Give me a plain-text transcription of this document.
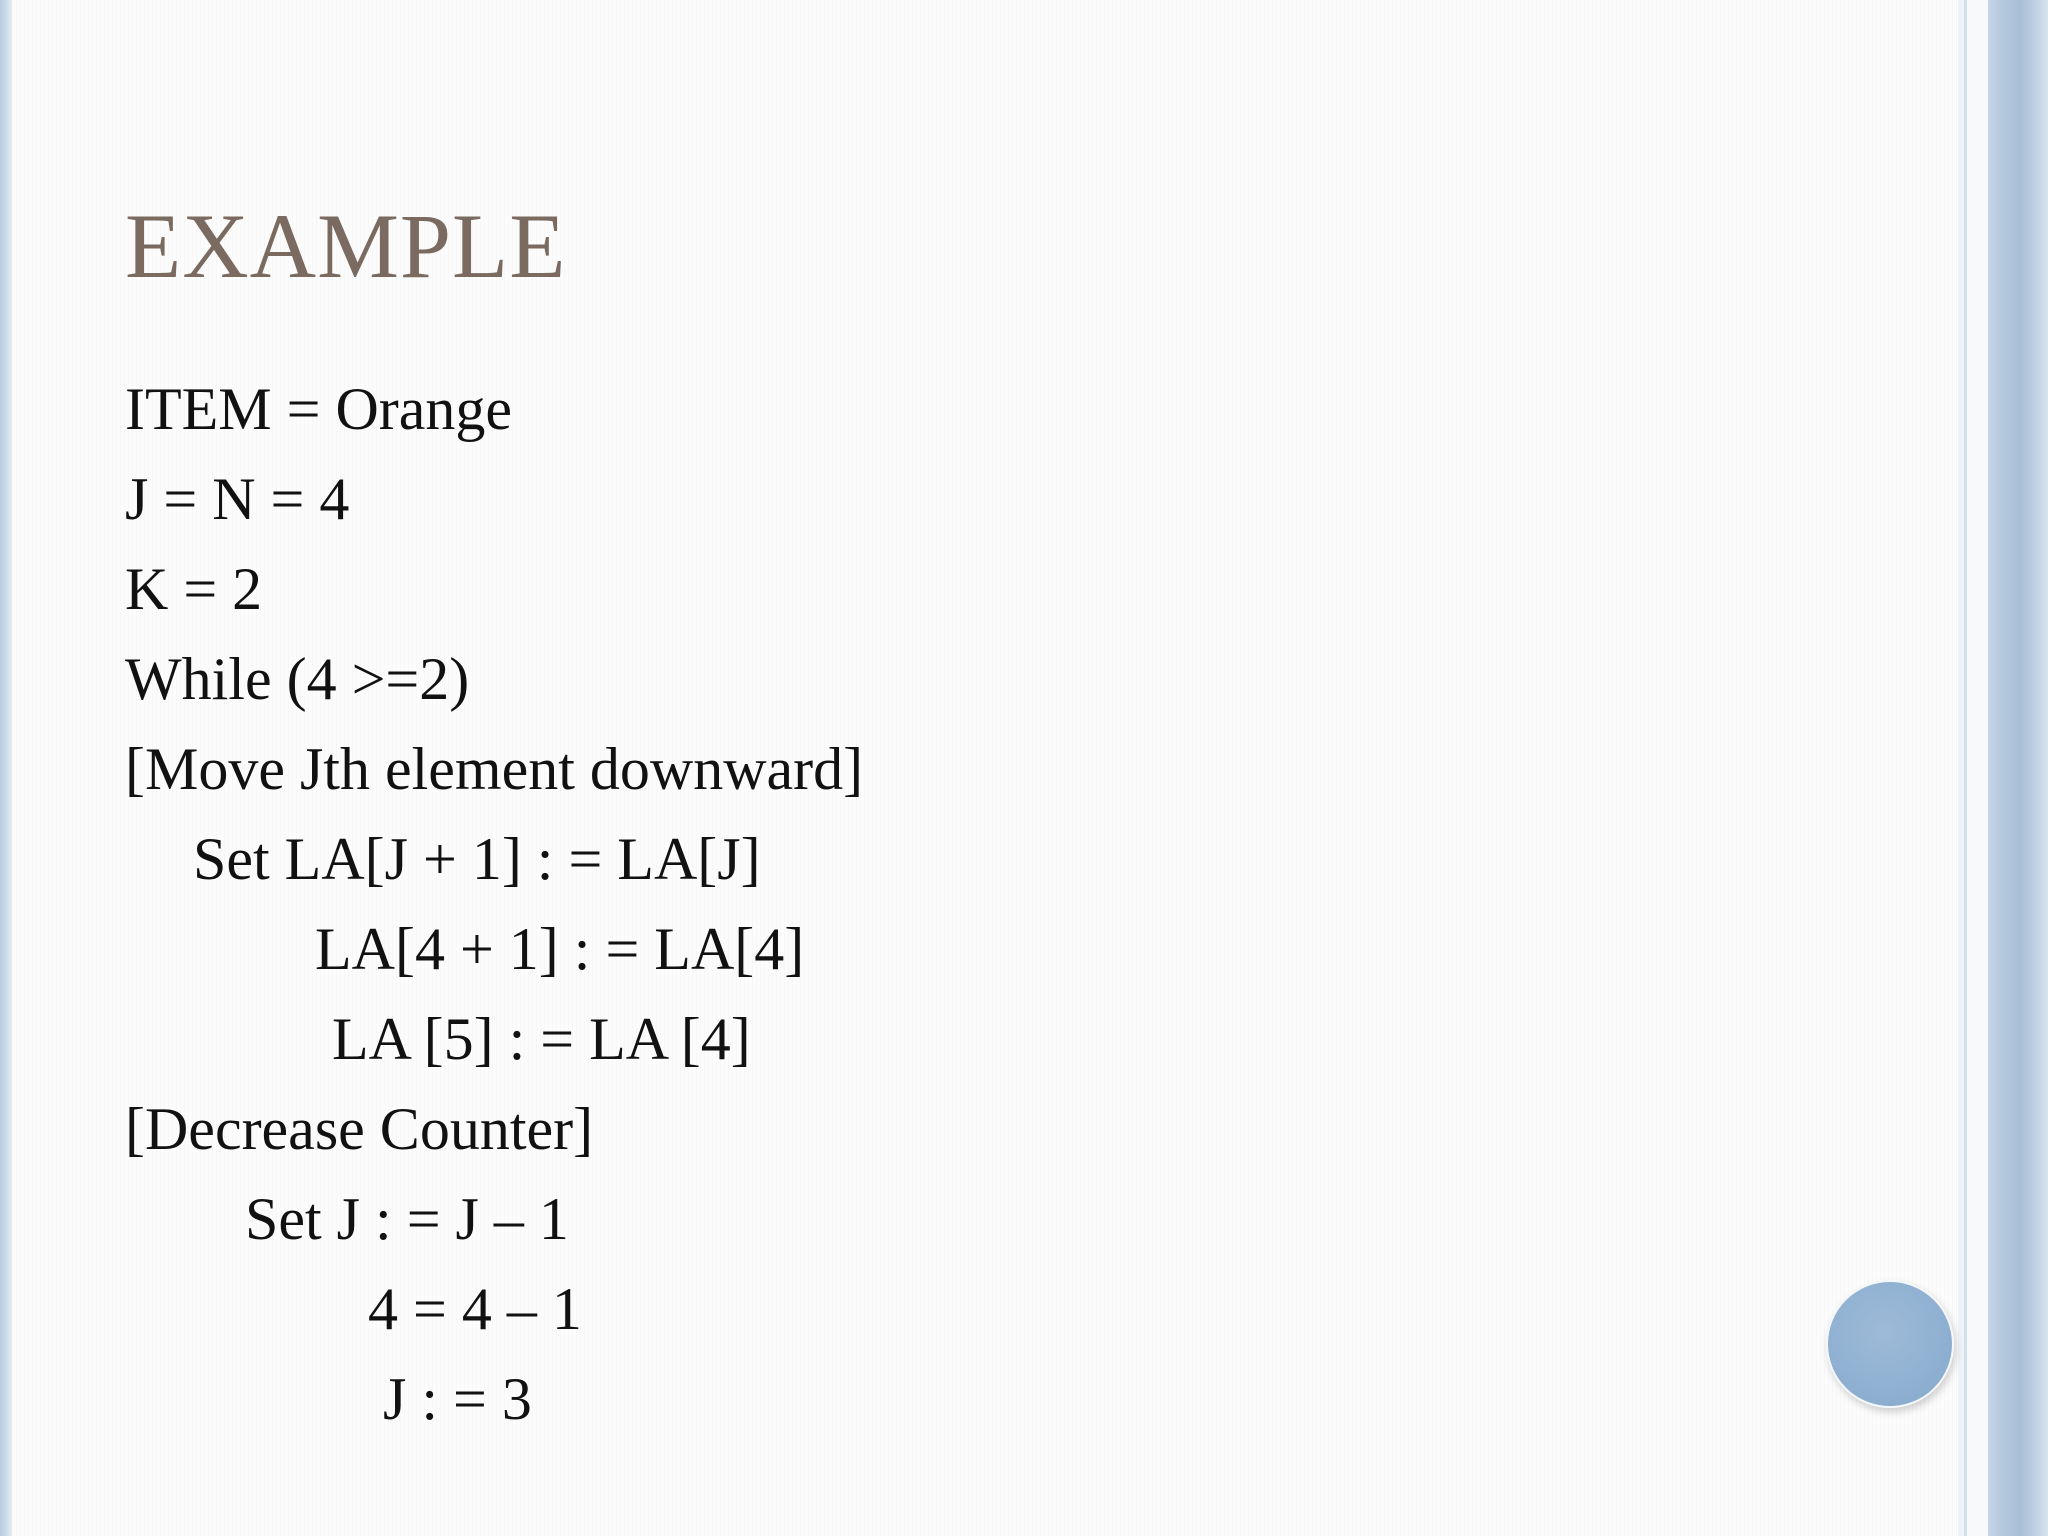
EXAMPLE
ITEM = Orange
J = N = 4
K = 2
While (4 >=2)
[Move Jth element downward]
Set LA[J + 1] : = LA[J]
LA[4 + 1] : = LA[4]
LA [5] : = LA [4]
[Decrease Counter]
Set J : = J – 1
4 = 4 – 1
J : = 3
